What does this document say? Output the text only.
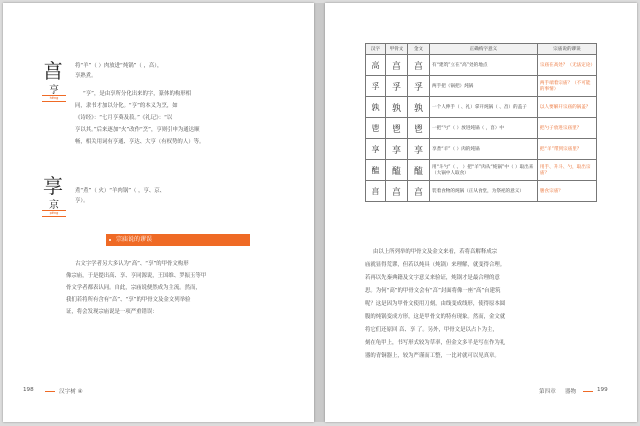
亯
亨
hēng
将“羊”（ ）肉放进“炖锅”（ ，亯），
享熟煮。
“亨”，是由享所分化出来的字，篆体的构形相
同，隶书才加以分化。“亨”的本义为烹，如
《诗经》：“七月亨葵及菽。”《礼记》：“以
亨以其。”后来逐加“火”改作“烹”，亨则引申为通达顺
畅，相关用词有亨通、亨达、大亨（有权势的人）等。
享
京
pēng
煮“煮”（ 火）“羊肉锅”（ ，亨、京、
亨）。
宗庙说的谬误
古文字学者另大多认为“高”、“享”的甲骨文构形
像宗庙，于是提出高、享、亨同源说，王国维、罗振玉等甲
骨文学者都表认同。自此，宗庙说便然成为主流。然而，
我们若将所有含有“亯”、“享”的甲骨文及金文列举验
证，将会发现宗庙说是一项严重错误：
198	汉字树 ④
汉字	甲骨文	金文	正确构字意义	宗庙说的谬误
高	亯	亯	有“建筑”立在“高”处的地点	宗庙在高处？（无法定论）
孚	孚	孚	两手把（锅把）炖锅	两手端着宗庙？（不可能的事情）
孰	孰	孰	一个人伸手（ 、礼）拿开炖锅（ 、亯）的盖子	以人要解开宗庙的锅盖？
鬯	鬯	鬯	一把“勺”（ ）放进炖锅（ ，亯）中	把勺子放进宗庙里？
享	享	享	享煮“羊”（ ）肉的炖锅	把“羊”带到宗庙里？
醢	醢	醢	用“斗勺”（ 、 ）把“羊”肉从“炖锅”中（ ）取出来（大锅中人取食）	用手、升斗、勺，取出宗庙？
亯	亯	亯	装着食物的炖锅（正从食堂，为祭祀的意义）	膳食宗庙？
由以上所列举的甲骨文及金文来看，若将亯解释成宗
庙就显得荒谬，但若以炖具（炖锅）来理解，就变得合理。
若再以先秦典籍及文字意义来验证，炖锅才是最合理的意
思。为何“高”的甲骨文会有“亯”封面将像一座“高”台建筑
呢？这是因为甲骨文使用刀刻，由线变成线形，使得原本圆
腹的炖锅变成方形，这是甲骨文的特有现象。然而，金文就
将它们还原回 亯、享 了。另外，甲骨文是以占卜为主，
刻在龟甲上，书写形式较为草率，但金文多半是写在作为礼
器的青铜器上，较为严谨而工整，一比对就可以见真章。
第四章 器物	199
